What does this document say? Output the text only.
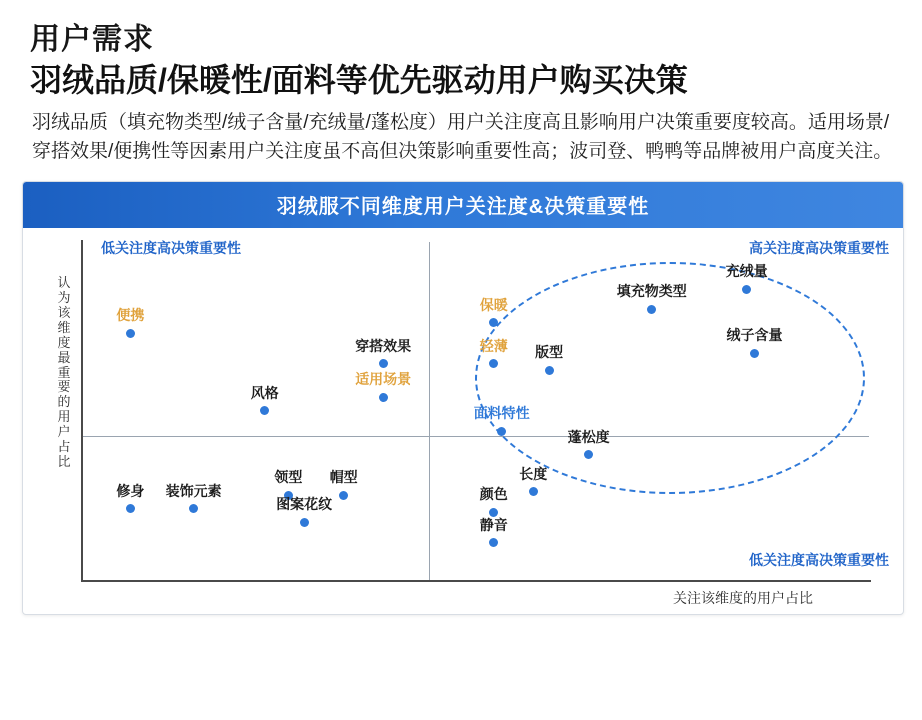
用户需求
羽绒品质/保暖性/面料等优先驱动用户购买决策
羽绒品质（填充物类型/绒子含量/充绒量/蓬松度）用户关注度高且影响用户决策重要度较高。适用场景/穿搭效果/便携性等因素用户关注度虽不高但决策影响重要性高；波司登、鸭鸭等品牌被用户高度关注。
羽绒服不同维度用户关注度&决策重要性
认为该维度最重要的用户占比
关注该维度的用户占比
低关注度高决策重要性	高关注度高决策重要性
低关注度高决策重要性
便携
穿搭效果
适用场景
风格
修身 装饰元素
领型 帽型
图案花纹
保暖
轻薄 版型
填充物类型
充绒量
绒子含量
面料特性
蓬松度
长度
颜色
静音
